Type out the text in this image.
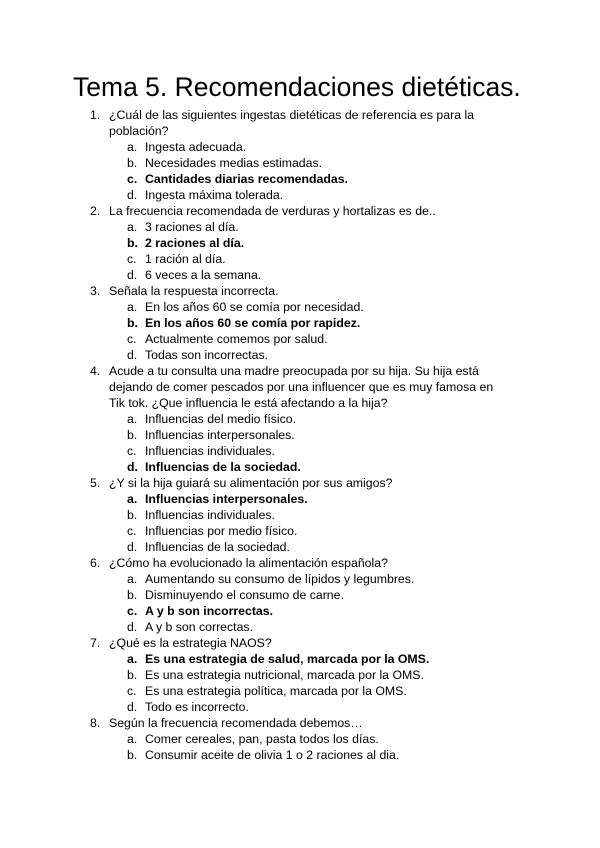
Tema 5. Recomendaciones dietéticas.
1. ¿Cuál de las siguientes ingestas dietéticas de referencia es para la población?
a. Ingesta adecuada.
b. Necesidades medias estimadas.
c. Cantidades diarias recomendadas.
d. Ingesta máxima tolerada.
2. La frecuencia recomendada de verduras y hortalizas es de..
a. 3 raciones al día.
b. 2 raciones al día.
c. 1 ración al día.
d. 6 veces a la semana.
3. Señala la respuesta incorrecta.
a. En los años 60 se comía por necesidad.
b. En los años 60 se comía por rapidez.
c. Actualmente comemos por salud.
d. Todas son incorrectas.
4. Acude a tu consulta una madre preocupada por su hija. Su hija está dejando de comer pescados por una influencer que es muy famosa en Tik tok. ¿Que influencia le está afectando a la hija?
a. Influencias del medio físico.
b. Influencias interpersonales.
c. Influencias individuales.
d. Influencias de la sociedad.
5. ¿Y si la hija guiará su alimentación por sus amigos?
a. Influencias interpersonales.
b. Influencias individuales.
c. Influencias por medio físico.
d. Influencias de la sociedad.
6. ¿Cómo ha evolucionado la alimentación española?
a. Aumentando su consumo de lípidos y legumbres.
b. Disminuyendo el consumo de carne.
c. A y b son incorrectas.
d. A y b son correctas.
7. ¿Qué es la estrategia NAOS?
a. Es una estrategia de salud, marcada por la OMS.
b. Es una estrategia nutricional, marcada por la OMS.
c. Es una estrategia política, marcada por la OMS.
d. Todo es incorrecto.
8. Según la frecuencia recomendada debemos…
a. Comer cereales, pan, pasta todos los días.
b. Consumir aceite de olivia 1 o 2 raciones al dia.
